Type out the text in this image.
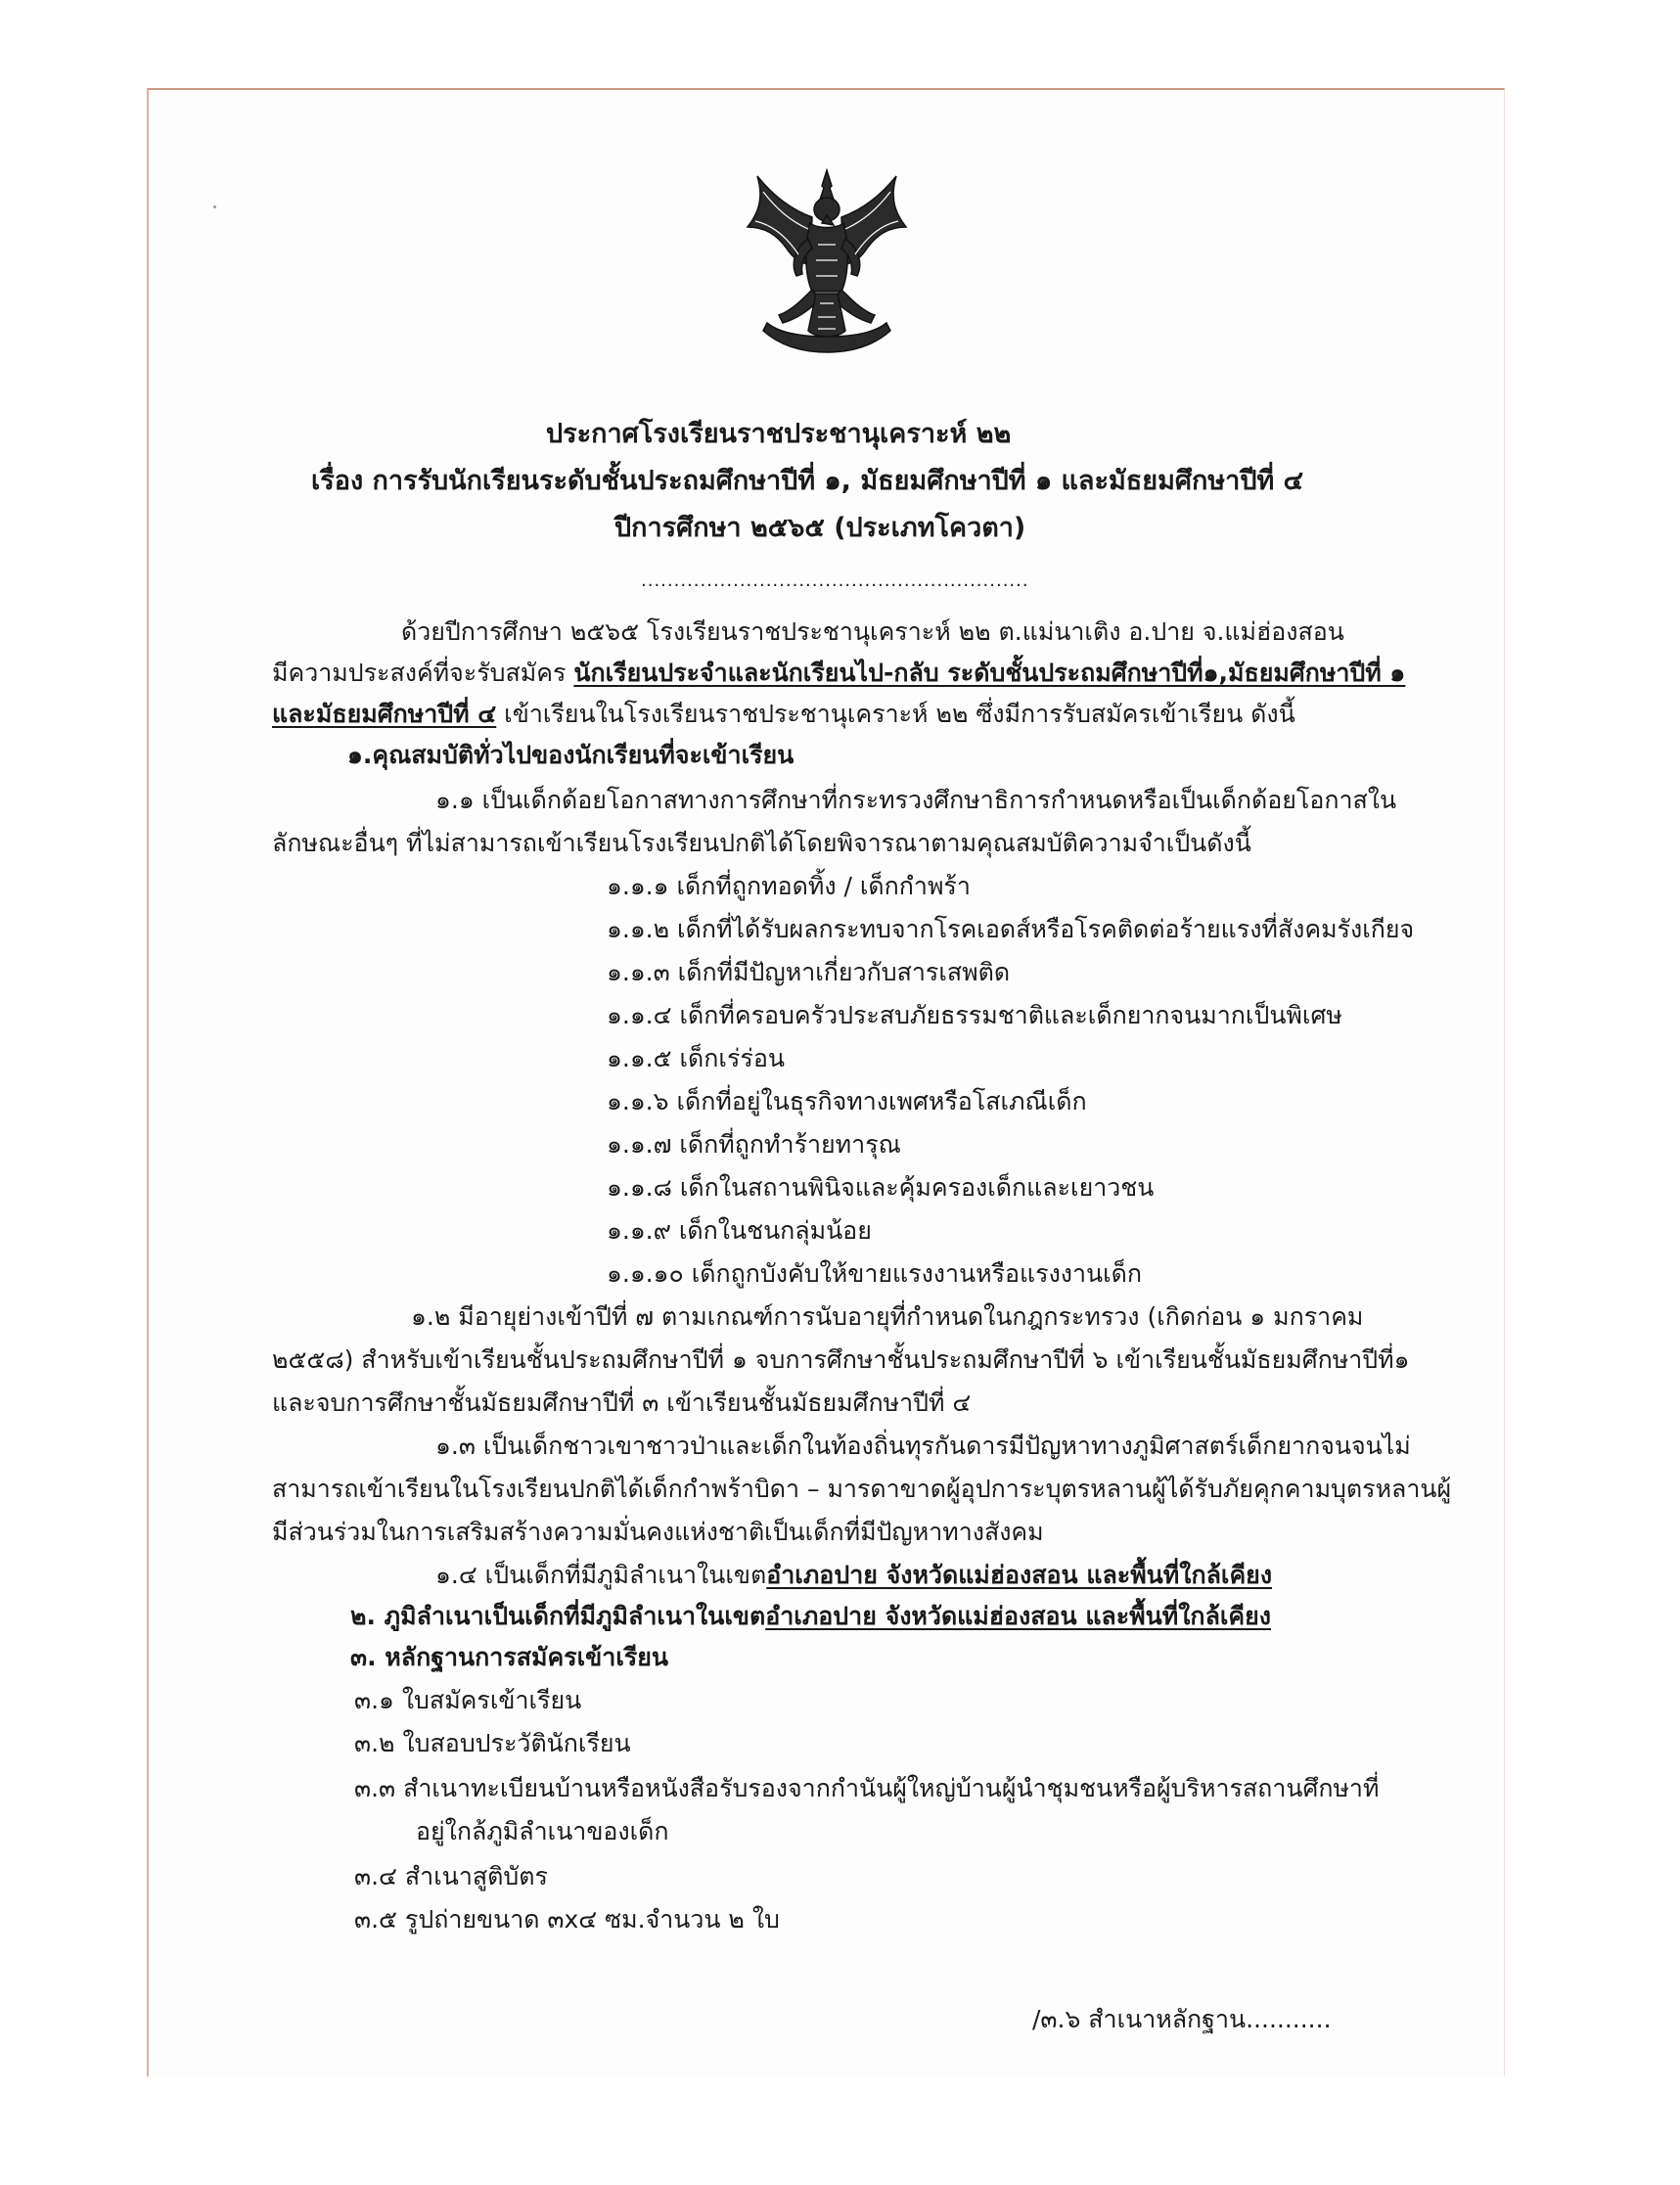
ประกาศโรงเรียนราชประชานุเคราะห์ ๒๒
เรื่อง การรับนักเรียนระดับชั้นประถมศึกษาปีที่ ๑, มัธยมศึกษาปีที่ ๑ และมัธยมศึกษาปีที่ ๔
ปีการศึกษา ๒๕๖๕ (ประเภทโควตา)
...........................................................
ด้วยปีการศึกษา ๒๕๖๕ โรงเรียนราชประชานุเคราะห์ ๒๒ ต.แม่นาเติง อ.ปาย จ.แม่ฮ่องสอน
มีความประสงค์ที่จะรับสมัคร นักเรียนประจำและนักเรียนไป-กลับ ระดับชั้นประถมศึกษาปีที่๑,มัธยมศึกษาปีที่ ๑
และมัธยมศึกษาปีที่ ๔ เข้าเรียนในโรงเรียนราชประชานุเคราะห์ ๒๒ ซึ่งมีการรับสมัครเข้าเรียน ดังนี้
๑.คุณสมบัติทั่วไปของนักเรียนที่จะเข้าเรียน
๑.๑ เป็นเด็กด้อยโอกาสทางการศึกษาที่กระทรวงศึกษาธิการกำหนดหรือเป็นเด็กด้อยโอกาสใน
ลักษณะอื่นๆ ที่ไม่สามารถเข้าเรียนโรงเรียนปกติได้โดยพิจารณาตามคุณสมบัติความจำเป็นดังนี้
๑.๑.๑ เด็กที่ถูกทอดทิ้ง / เด็กกำพร้า
๑.๑.๒ เด็กที่ได้รับผลกระทบจากโรคเอดส์หรือโรคติดต่อร้ายแรงที่สังคมรังเกียจ
๑.๑.๓ เด็กที่มีปัญหาเกี่ยวกับสารเสพติด
๑.๑.๔ เด็กที่ครอบครัวประสบภัยธรรมชาติและเด็กยากจนมากเป็นพิเศษ
๑.๑.๕ เด็กเร่ร่อน
๑.๑.๖ เด็กที่อยู่ในธุรกิจทางเพศหรือโสเภณีเด็ก
๑.๑.๗ เด็กที่ถูกทำร้ายทารุณ
๑.๑.๘ เด็กในสถานพินิจและคุ้มครองเด็กและเยาวชน
๑.๑.๙ เด็กในชนกลุ่มน้อย
๑.๑.๑๐ เด็กถูกบังคับให้ขายแรงงานหรือแรงงานเด็ก
๑.๒ มีอายุย่างเข้าปีที่ ๗ ตามเกณฑ์การนับอายุที่กำหนดในกฎกระทรวง (เกิดก่อน ๑ มกราคม
๒๕๕๘) สำหรับเข้าเรียนชั้นประถมศึกษาปีที่ ๑ จบการศึกษาชั้นประถมศึกษาปีที่ ๖ เข้าเรียนชั้นมัธยมศึกษาปีที่๑
และจบการศึกษาชั้นมัธยมศึกษาปีที่ ๓ เข้าเรียนชั้นมัธยมศึกษาปีที่ ๔
๑.๓ เป็นเด็กชาวเขาชาวป่าและเด็กในท้องถิ่นทุรกันดารมีปัญหาทางภูมิศาสตร์เด็กยากจนจนไม่
สามารถเข้าเรียนในโรงเรียนปกติได้เด็กกำพร้าบิดา – มารดาขาดผู้อุปการะบุตรหลานผู้ได้รับภัยคุกคามบุตรหลานผู้
มีส่วนร่วมในการเสริมสร้างความมั่นคงแห่งชาติเป็นเด็กที่มีปัญหาทางสังคม
๑.๔ เป็นเด็กที่มีภูมิลำเนาในเขตอำเภอปาย จังหวัดแม่ฮ่องสอน และพื้นที่ใกล้เคียง
๒. ภูมิลำเนาเป็นเด็กที่มีภูมิลำเนาในเขตอำเภอปาย จังหวัดแม่ฮ่องสอน และพื้นที่ใกล้เคียง
๓. หลักฐานการสมัครเข้าเรียน
๓.๑ ใบสมัครเข้าเรียน
๓.๒ ใบสอบประวัตินักเรียน
๓.๓ สำเนาทะเบียนบ้านหรือหนังสือรับรองจากกำนันผู้ใหญ่บ้านผู้นำชุมชนหรือผู้บริหารสถานศึกษาที่
อยู่ใกล้ภูมิลำเนาของเด็ก
๓.๔ สำเนาสูติบัตร
๓.๕ รูปถ่ายขนาด ๓x๔ ซม.จำนวน ๒ ใบ
/๓.๖ สำเนาหลักฐาน...........
